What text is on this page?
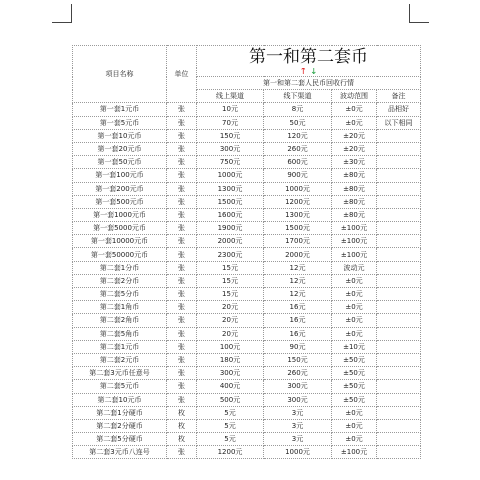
项目名称	单位	第一和第二套币			
		↑ ↓			
		第一和第二套人民币回收行情			
		线上渠道	线下渠道	波动范围	备注
第一套1元币	张	10元	8元	±0元	品相好
第一套5元币	张	70元	50元	±0元	以下相同
第一套10元币	张	150元	120元	±20元	
第一套20元币	张	300元	260元	±20元	
第一套50元币	张	750元	600元	±30元	
第一套100元币	张	1000元	900元	±80元	
第一套200元币	张	1300元	1000元	±80元	
第一套500元币	张	1500元	1200元	±80元	
第一套1000元币	张	1600元	1300元	±80元	
第一套5000元币	张	1900元	1500元	±100元	
第一套10000元币	张	2000元	1700元	±100元	
第一套50000元币	张	2300元	2000元	±100元	
第二套1分币	张	15元	12元	波动元	
第二套2分币	张	15元	12元	±0元	
第二套5分币	张	15元	12元	±0元	
第二套1角币	张	20元	16元	±0元	
第二套2角币	张	20元	16元	±0元	
第二套5角币	张	20元	16元	±0元	
第二套1元币	张	100元	90元	±10元	
第二套2元币	张	180元	150元	±50元	
第二套3元币任意号	张	300元	260元	±50元	
第二套5元币	张	400元	300元	±50元	
第二套10元币	张	500元	300元	±50元	
第二套1分硬币	枚	5元	3元	±0元	
第二套2分硬币	枚	5元	3元	±0元	
第二套5分硬币	枚	5元	3元	±0元	
第二套3元币八连号	张	1200元	1000元	±100元	
